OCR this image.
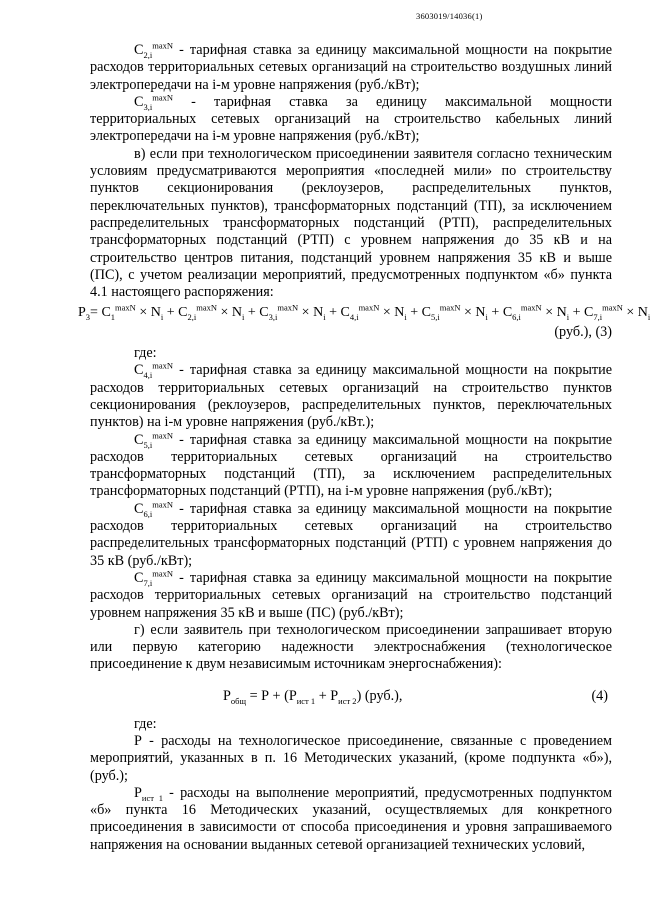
3603019/14036(1)

$С_{2,i}^{maxN}$ - тарифная ставка за единицу максимальной мощности на покрытие расходов территориальных сетевых организаций на строительство воздушных линий электропередачи на i-м уровне напряжения (руб./кВт);

$С_{3,i}^{maxN}$ - тарифная ставка за единицу максимальной мощности территориальных сетевых организаций на строительство кабельных линий электропередачи на i-м уровне напряжения (руб./кВт);

в) если при технологическом присоединении заявителя согласно техническим условиям предусматриваются мероприятия «последней мили» по строительству пунктов секционирования (реклоузеров, распределительных пунктов, переключательных пунктов), трансформаторных подстанций (ТП), за исключением распределительных трансформаторных подстанций (РТП), распределительных трансформаторных подстанций (РТП) с уровнем напряжения до 35 кВ и на строительство центров питания, подстанций уровнем напряжения 35 кВ и выше (ПС), с учетом реализации мероприятий, предусмотренных подпунктом «б» пункта 4.1 настоящего распоряжения:

$Р_3= С_1^{maxN} \times N_i + С_{2,i}^{maxN} \times N_i + С_{3,i}^{maxN} \times N_i + С_{4,i}^{maxN} \times N_i + С_{5,i}^{maxN} \times N_i + С_{6,i}^{maxN} \times N_i + С_{7,i}^{maxN} \times N_i$
(руб.), (3)

где:

$С_{4,i}^{maxN}$ - тарифная ставка за единицу максимальной мощности на покрытие расходов территориальных сетевых организаций на строительство пунктов секционирования (реклоузеров, распределительных пунктов, переключательных пунктов) на i-м уровне напряжения (руб./кВт.);

$С_{5,i}^{maxN}$ - тарифная ставка за единицу максимальной мощности на покрытие расходов территориальных сетевых организаций на строительство трансформаторных подстанций (ТП), за исключением распределительных трансформаторных подстанций (РТП), на i-м уровне напряжения (руб./кВт);

$С_{6,i}^{maxN}$ - тарифная ставка за единицу максимальной мощности на покрытие расходов территориальных сетевых организаций на строительство распределительных трансформаторных подстанций (РТП) с уровнем напряжения до 35 кВ (руб./кВт);

$С_{7,i}^{maxN}$ - тарифная ставка за единицу максимальной мощности на покрытие расходов территориальных сетевых организаций на строительство подстанций уровнем напряжения 35 кВ и выше (ПС) (руб./кВт);

г) если заявитель при технологическом присоединении запрашивает вторую или первую категорию надежности электроснабжения (технологическое присоединение к двум независимым источникам энергоснабжения):

$Р_{общ} = Р + (Р_{ист 1} + Р_{ист 2})$ (руб.),	(4)

где:

Р - расходы на технологическое присоединение, связанные с проведением мероприятий, указанных в п. 16 Методических указаний, (кроме подпункта «б»), (руб.);

$Р_{ист 1}$ - расходы на выполнение мероприятий, предусмотренных подпунктом «б» пункта 16 Методических указаний, осуществляемых для конкретного присоединения в зависимости от способа присоединения и уровня запрашиваемого напряжения на основании выданных сетевой организацией технических условий,
